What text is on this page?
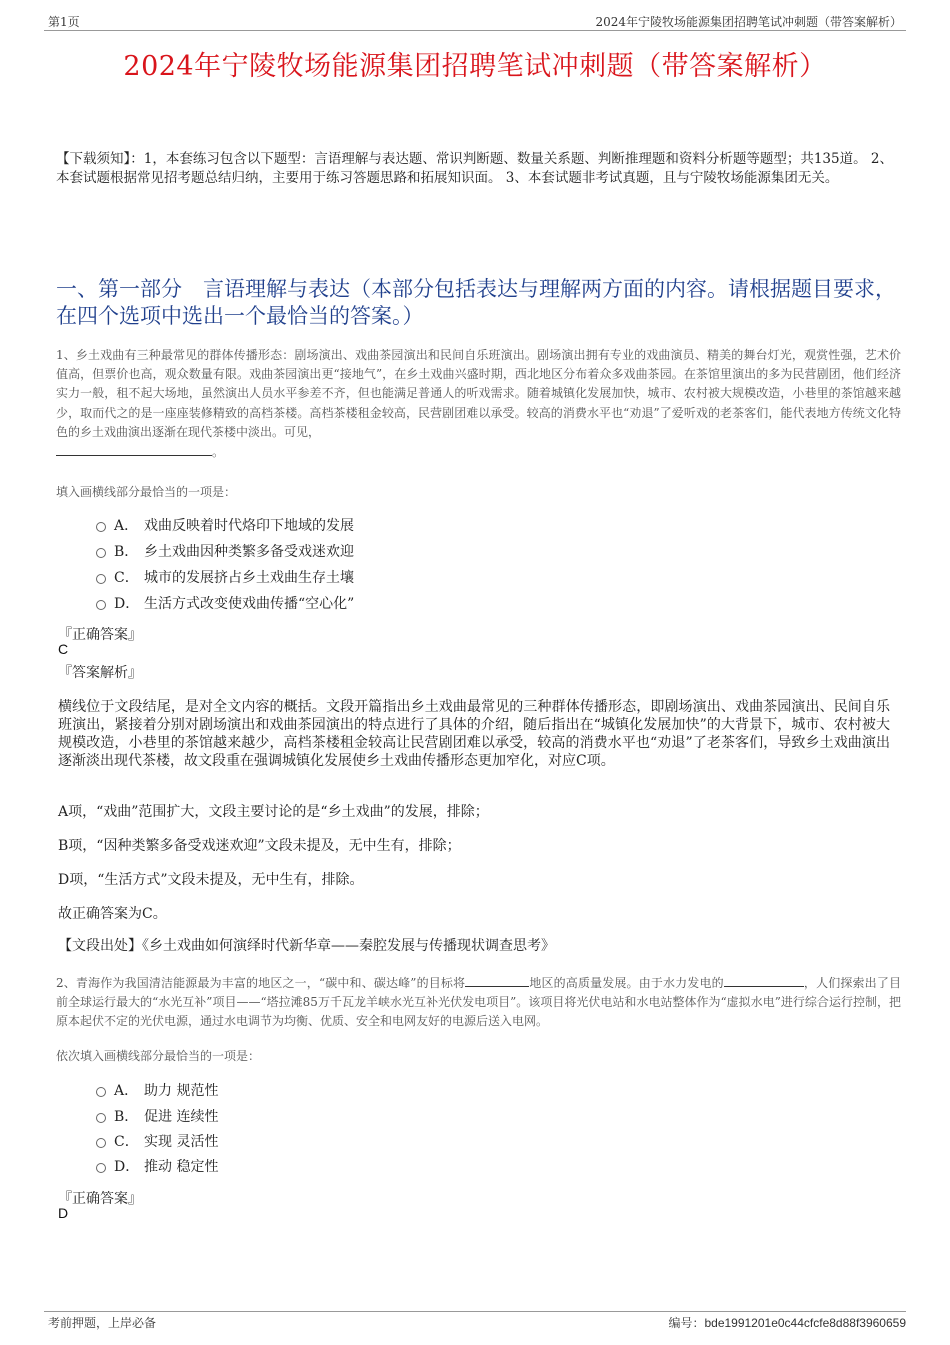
第1页	2024年宁陵牧场能源集团招聘笔试冲刺题（带答案解析）
2024年宁陵牧场能源集团招聘笔试冲刺题（带答案解析）
【下载须知】：1，本套练习包含以下题型：言语理解与表达题、常识判断题、数量关系题、判断推理题和资料分析题等题型；共135道。 2、本套试题根据常见招考题总结归纳，主要用于练习答题思路和拓展知识面。 3、本套试题非考试真题，且与宁陵牧场能源集团无关。
一、第一部分　言语理解与表达（本部分包括表达与理解两方面的内容。请根据题目要求，在四个选项中选出一个最恰当的答案。）
1、乡土戏曲有三种最常见的群体传播形态：剧场演出、戏曲茶园演出和民间自乐班演出。剧场演出拥有专业的戏曲演员、精美的舞台灯光，观赏性强，艺术价值高，但票价也高，观众数量有限。戏曲茶园演出更“接地气”，在乡土戏曲兴盛时期，西北地区分布着众多戏曲茶园。在茶馆里演出的多为民营剧团，他们经济实力一般，租不起大场地，虽然演出人员水平参差不齐，但也能满足普通人的听戏需求。随着城镇化发展加快，城市、农村被大规模改造，小巷里的茶馆越来越少，取而代之的是一座座装修精致的高档茶楼。高档茶楼租金较高，民营剧团难以承受。较高的消费水平也“劝退”了爱听戏的老茶客们，能代表地方传统文化特色的乡土戏曲演出逐渐在现代茶楼中淡出。可见，
。
填入画横线部分最恰当的一项是：
A． 戏曲反映着时代烙印下地域的发展
B． 乡土戏曲因种类繁多备受戏迷欢迎
C． 城市的发展挤占乡土戏曲生存土壤
D． 生活方式改变使戏曲传播“空心化”
『正确答案』
C
『答案解析』
横线位于文段结尾，是对全文内容的概括。文段开篇指出乡土戏曲最常见的三种群体传播形态，即剧场演出、戏曲茶园演出、民间自乐班演出，紧接着分别对剧场演出和戏曲茶园演出的特点进行了具体的介绍，随后指出在“城镇化发展加快”的大背景下，城市、农村被大规模改造，小巷里的茶馆越来越少，高档茶楼租金较高让民营剧团难以承受，较高的消费水平也“劝退”了老茶客们，导致乡土戏曲演出逐渐淡出现代茶楼，故文段重在强调城镇化发展使乡土戏曲传播形态更加窄化，对应C项。
A项，“戏曲”范围扩大，文段主要讨论的是“乡土戏曲”的发展，排除；
B项，“因种类繁多备受戏迷欢迎”文段未提及，无中生有，排除；
D项，“生活方式”文段未提及，无中生有，排除。
故正确答案为C。
【文段出处】《乡土戏曲如何演绎时代新华章——秦腔发展与传播现状调查思考》
2、青海作为我国清洁能源最为丰富的地区之一，“碳中和、碳达峰”的目标将	地区的高质量发展。由于水力发电的	，人们探索出了目前全球运行最大的“水光互补”项目——“塔拉滩85万千瓦龙羊峡水光互补光伏发电项目”。该项目将光伏电站和水电站整体作为“虚拟水电”进行综合运行控制，把原本起伏不定的光伏电源，通过水电调节为均衡、优质、安全和电网友好的电源后送入电网。
依次填入画横线部分最恰当的一项是：
A． 助力 规范性
B． 促进 连续性
C． 实现 灵活性
D． 推动 稳定性
『正确答案』
D
考前押题，上岸必备	编号：bde1991201e0c44cfcfe8d88f3960659
